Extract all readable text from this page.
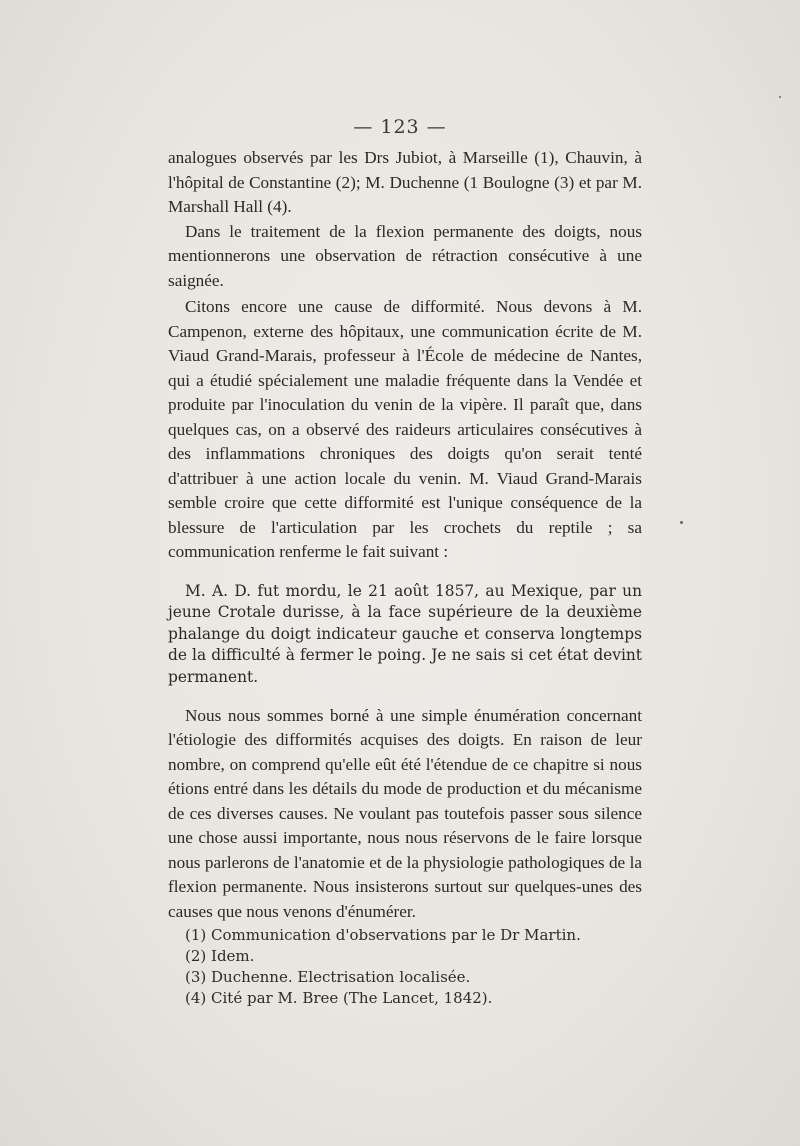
— 123 —

analogues observés par les Drs Jubiot, à Marseille (1), Chauvin, à l'hôpital de Constantine (2); M. Duchenne (1 Boulogne (3) et par M. Marshall Hall (4).

Dans le traitement de la flexion permanente des doigts, nous mentionnerons une observation de rétraction consécutive à une saignée.

Citons encore une cause de difformité. Nous devons à M. Campenon, externe des hôpitaux, une communication écrite de M. Viaud Grand-Marais, professeur à l'École de médecine de Nantes, qui a étudié spécialement une maladie fréquente dans la Vendée et produite par l'inoculation du venin de la vipère. Il paraît que, dans quelques cas, on a observé des raideurs articulaires consécutives à des inflammations chroniques des doigts qu'on serait tenté d'attribuer à une action locale du venin. M. Viaud Grand-Marais semble croire que cette difformité est l'unique conséquence de la blessure de l'articulation par les crochets du reptile ; sa communication renferme le fait suivant :

M. A. D. fut mordu, le 21 août 1857, au Mexique, par un jeune Crotale durisse, à la face supérieure de la deuxième phalange du doigt indicateur gauche et conserva longtemps de la difficulté à fermer le poing. Je ne sais si cet état devint permanent.

Nous nous sommes borné à une simple énumération concernant l'étiologie des difformités acquises des doigts. En raison de leur nombre, on comprend qu'elle eût été l'étendue de ce chapitre si nous étions entré dans les détails du mode de production et du mécanisme de ces diverses causes. Ne voulant pas toutefois passer sous silence une chose aussi importante, nous nous réservons de le faire lorsque nous parlerons de l'anatomie et de la physiologie pathologiques de la flexion permanente. Nous insisterons surtout sur quelques-unes des causes que nous venons d'énumérer.

(1) Communication d'observations par le Dr Martin.
(2) Idem.
(3) Duchenne. Electrisation localisée.
(4) Cité par M. Bree (The Lancet, 1842).
